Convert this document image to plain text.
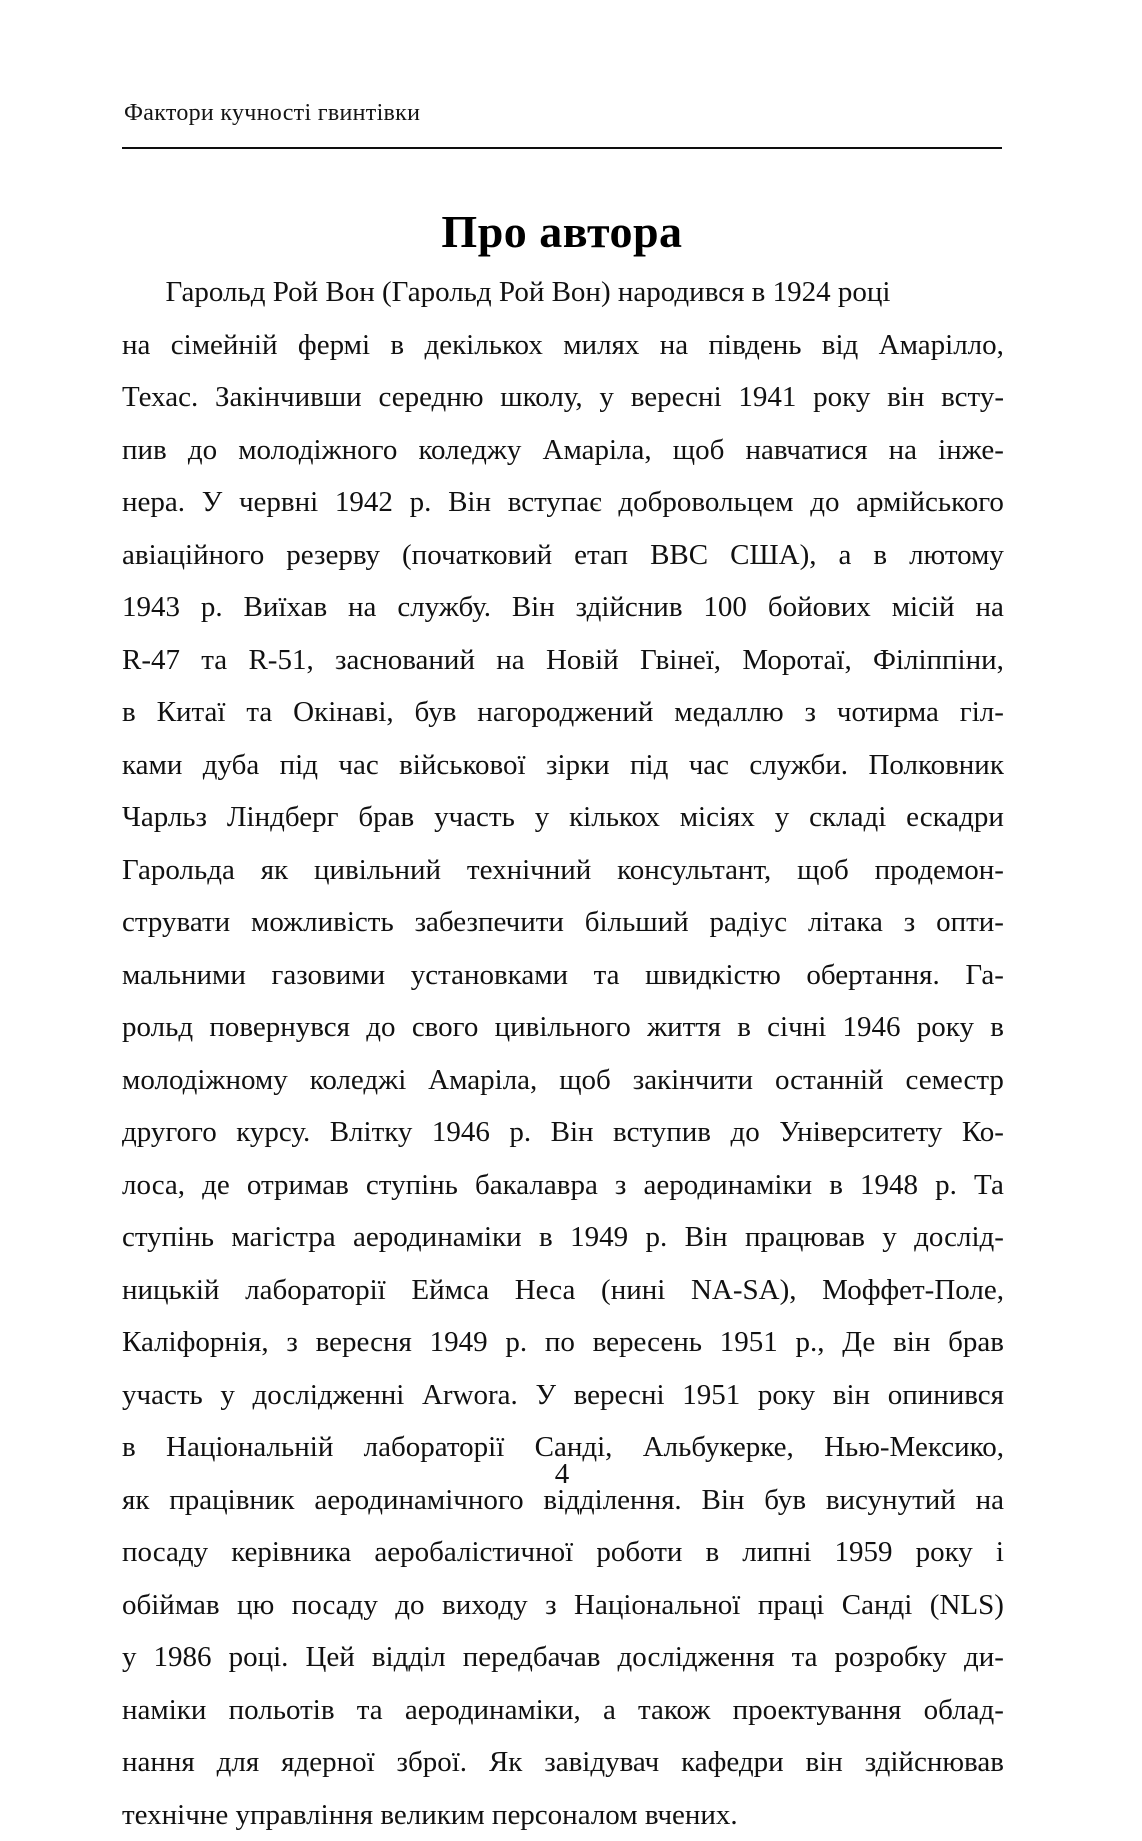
Фактори кучності гвинтівки
Про автора
Гарольд Рой Вон (Гарольд Рой Вон) народився в 1924 році
на сімейній фермі в декількох милях на південь від Амарілло,
Техас. Закінчивши середню школу, у вересні 1941 року він всту-
пив до молодіжного коледжу Амаріла, щоб навчатися на інже-
нера. У червні 1942 р. Він вступає добровольцем до армійського
авіаційного резерву (початковий етап ВВС США), а в лютому
1943 р. Виїхав на службу. Він здійснив 100 бойових місій на
R-47 та R-51, заснований на Новій Гвінеї, Моротаї, Філіппіни,
в Китаї та Окінаві, був нагороджений медаллю з чотирма гіл-
ками дуба під час військової зірки під час служби. Полковник
Чарльз Ліндберг брав участь у кількох місіях у складі ескадри
Гарольда як цивільний технічний консультант, щоб продемон-
струвати можливість забезпечити більший радіус літака з опти-
мальними газовими установками та швидкістю обертання. Га-
рольд повернувся до свого цивільного життя в січні 1946 року в
молодіжному коледжі Амаріла, щоб закінчити останній семестр
другого курсу. Влітку 1946 р. Він вступив до Університету Ко-
лоса, де отримав ступінь бакалавра з аеродинаміки в 1948 р. Та
ступінь магістра аеродинаміки в 1949 р. Він працював у дослід-
ницькій лабораторії Еймса Неса (нині NA-SA), Моффет-Поле,
Каліфорнія, з вересня 1949 р. по вересень 1951 р., Де він брав
участь у дослідженні Arwora. У вересні 1951 року він опинився
в Національній лабораторії Санді, Альбукерке, Нью-Мексико,
як працівник аеродинамічного відділення. Він був висунутий на
посаду керівника аеробалістичної роботи в липні 1959 року і
обіймав цю посаду до виходу з Національної праці Санді (NLS)
у 1986 році. Цей відділ передбачав дослідження та розробку ди-
наміки польотів та аеродинаміки, а також проектування облад-
нання для ядерної зброї. Як завідувач кафедри він здійснював
технічне управління великим персоналом вчених.
4
